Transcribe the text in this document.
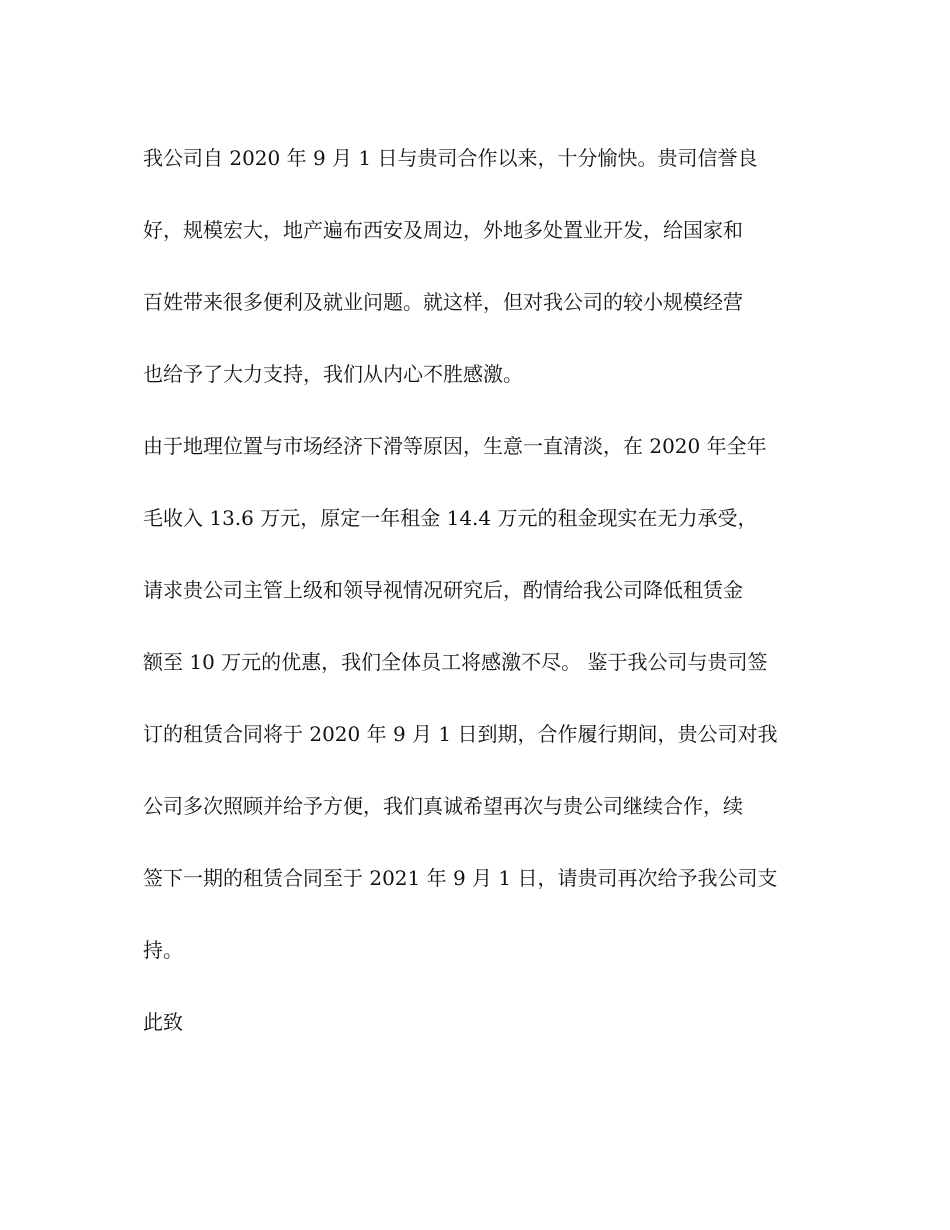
我公司自 2020 年 9 月 1 日与贵司合作以来，十分愉快。贵司信誉良

好，规模宏大，地产遍布西安及周边，外地多处置业开发，给国家和

百姓带来很多便利及就业问题。就这样，但对我公司的较小规模经营

也给予了大力支持，我们从内心不胜感激。

由于地理位置与市场经济下滑等原因，生意一直清淡，在 2020 年全年

毛收入 13.6 万元，原定一年租金 14.4 万元的租金现实在无力承受，

请求贵公司主管上级和领导视情况研究后，酌情给我公司降低租赁金

额至 10 万元的优惠，我们全体员工将感激不尽。 鉴于我公司与贵司签

订的租赁合同将于 2020 年 9 月 1 日到期，合作履行期间，贵公司对我

公司多次照顾并给予方便，我们真诚希望再次与贵公司继续合作，续

签下一期的租赁合同至于 2021 年 9 月 1 日，请贵司再次给予我公司支

持。

此致
